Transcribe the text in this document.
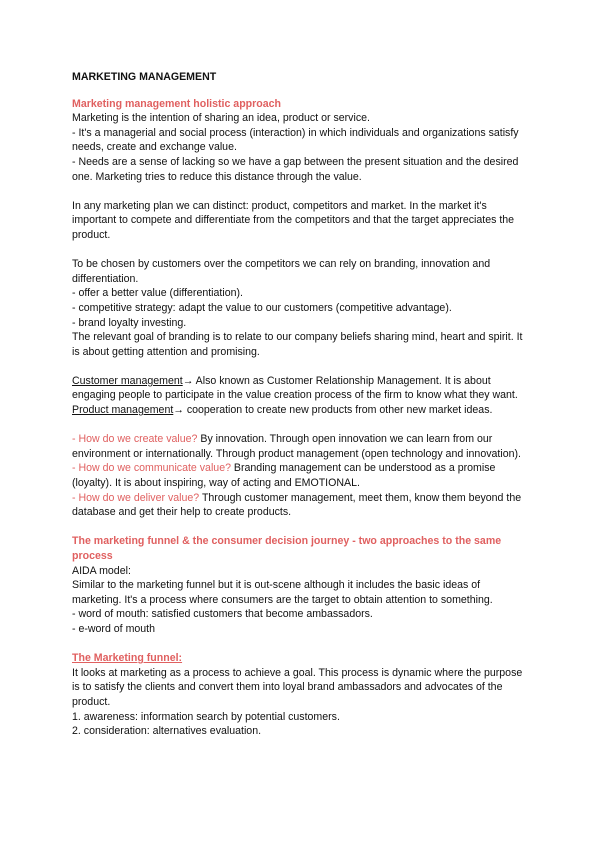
MARKETING MANAGEMENT

Marketing management holistic approach

Marketing is the intention of sharing an idea, product or service.

- It's a managerial and social process (interaction) in which individuals and organizations satisfy needs, create and exchange value.

- Needs are a sense of lacking so we have a gap between the present situation and the desired one. Marketing tries to reduce this distance through the value.

In any marketing plan we can distinct: product, competitors and market. In the market it's important to compete and differentiate from the competitors and that the target appreciates the product.

To be chosen by customers over the competitors we can rely on branding, innovation and differentiation.

- offer a better value (differentiation).

- competitive strategy: adapt the value to our customers (competitive advantage).

- brand loyalty investing.

The relevant goal of branding is to relate to our company beliefs sharing mind, heart and spirit. It is about getting attention and promising.

Customer management→ Also known as Customer Relationship Management. It is about engaging people to participate in the value creation process of the firm to know what they want.

Product management→ cooperation to create new products from other new market ideas.

- How do we create value? By innovation. Through open innovation we can learn from our environment or internationally. Through product management (open technology and innovation).

- How do we communicate value? Branding management can be understood as a promise (loyalty). It is about inspiring, way of acting and EMOTIONAL.

- How do we deliver value? Through customer management, meet them, know them beyond the database and get their help to create products.

The marketing funnel & the consumer decision journey - two approaches to the same process

AIDA model:

Similar to the marketing funnel but it is out-scene although it includes the basic ideas of marketing. It's a process where consumers are the target to obtain attention to something.

- word of mouth: satisfied customers that become ambassadors.

- e-word of mouth

The Marketing funnel:

It looks at marketing as a process to achieve a goal. This process is dynamic where the purpose is to satisfy the clients and convert them into loyal brand ambassadors and advocates of the product.

1. awareness: information search by potential customers.

2. consideration: alternatives evaluation.
